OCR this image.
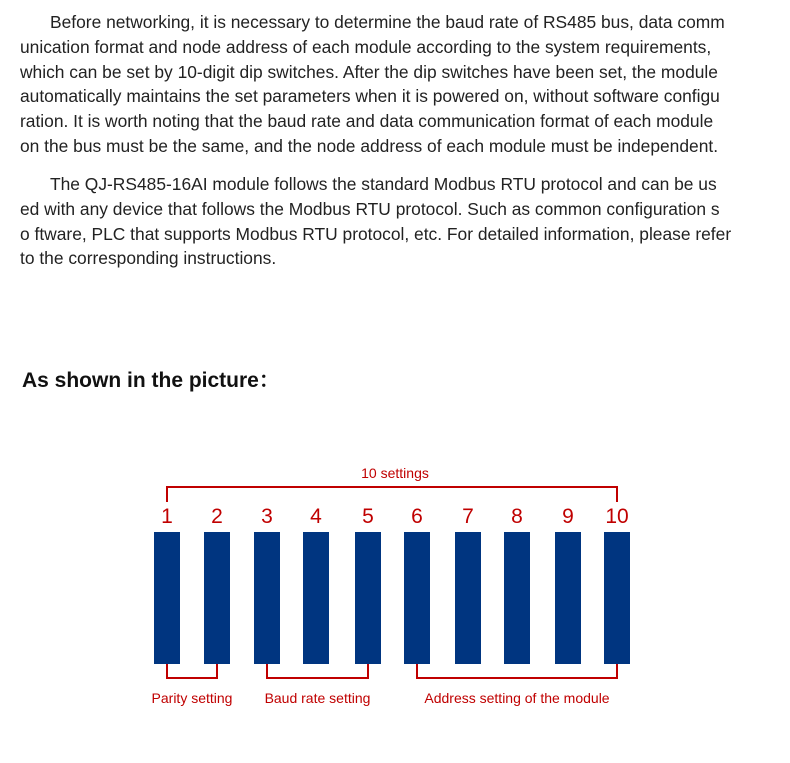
Before networking, it is necessary to determine the baud rate of RS485 bus, data comm
unication format and node address of each module according to the system requirements,
which can be set by 10-digit dip switches. After the dip switches have been set, the module
automatically maintains the set parameters when it is powered on, without software configu
ration. It is worth noting that the baud rate and data communication format of each module
on the bus must be the same, and the node address of each module must be independent.
The QJ-RS485-16AI module follows the standard Modbus RTU protocol and can be us
ed with any device that follows the Modbus RTU protocol. Such as common configuration s
o ftware, PLC that supports Modbus RTU protocol, etc. For detailed information, please refer
to the corresponding instructions.
As shown in the picture：
10 settings
1 2 3 4 5 6 7 8 9 10
Parity setting Baud rate setting	Address setting of the module
